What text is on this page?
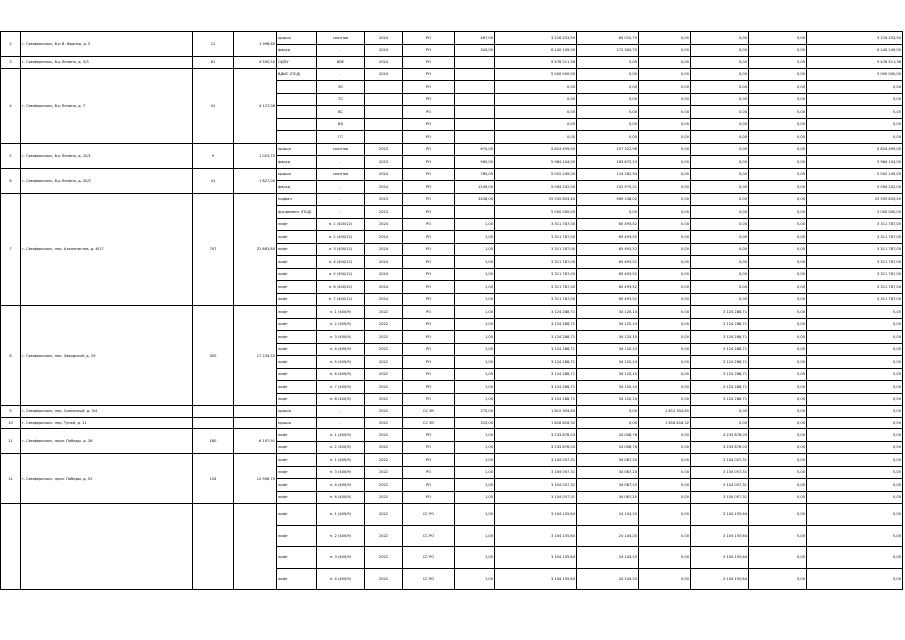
2	г. Симферополь, б-р И. Франко, д. 5	12	1 998,60	крыша	скатная	2024	РО	467,00	3 216 253,50	64 010,75	0,00	0,00	0,00	3 216 253,50
				фасад	-	2024	РО	343,00	6 140 149,00	172 300,75	0,00	0,00	0,00	6 140 149,00
3	г. Симферополь, б-р Ленина, д. 5/3	61	4 500,50	ОДПУ	ВВЕ	2024	РО		9 476 511,36	0,00	0,00	0,00	0,00	9 476 511,36
4	г. Симферополь, б-р Ленина, д. 7	41	4 127,06	ВДИС (ПСД)	-	2024	РО		5 000 000,00	0,00	0,00	0,00	0,00	5 000 000,00
					ЭС		РО		0,00	0,00	0,00	0,00	0,00	0,00
					ТС		РО		0,00	0,00	0,00	0,00	0,00	0,00
					ВС		РО		0,00	0,00	0,00	0,00	0,00	0,00
					ВХ		РО		0,00	0,00	0,00	0,00	0,00	0,00
					ГС		РО		0,00	0,00	0,00	0,00	0,00	0,00
5	г. Симферополь, б-р Ленина, д. 20/1	9	1 023,70	крыша	скатная	2023	РО	670,00	5 824 499,00	107 322,96	0,00	0,00	0,00	5 824 499,00
				фасад	-	2023	РО	965,00	5 984 104,00	163 672,15	0,00	0,00	0,00	5 984 104,00
6	г. Симферополь, б-р Ленина, д. 20/2	41	1 827,00	крыша	скатная	2024	РО	780,00	5 002 249,00	124 182,94	0,00	0,00	0,00	5 002 249,00
				фасад	-	2024	РО	1249,00	5 094 202,00	152 975,21	0,00	0,00	0,00	5 094 202,00
7	г. Симферополь, пер. Альпинистов, д. 6/17	707	22 683,60	подвал	-	2023	РО	2436,00	25 555 853,40	569 136,02	0,00	0,00	0,00	25 555 853,40
				фундамент (ПСД)	-	2023	РО		5 000 000,00	0,00	0,00	0,00	0,00	5 000 000,00
				лифт	п. 1 (400/12)	2024	РО	1,00	3 311 787,00	65 493,52	0,00	0,00	0,00	3 311 787,00
				лифт	п. 2 (400/12)	2024	РО	1,00	3 311 787,00	65 493,52	0,00	0,00	0,00	3 311 787,00
				лифт	п. 3 (400/12)	2024	РО	1,00	3 311 787,00	65 493,52	0,00	0,00	0,00	3 311 787,00
				лифт	п. 4 (400/12)	2024	РО	1,00	3 311 787,00	65 493,52	0,00	0,00	0,00	3 311 787,00
				лифт	п. 5 (400/12)	2024	РО	1,00	3 311 787,00	65 493,52	0,00	0,00	0,00	3 311 787,00
				лифт	п. 6 (400/12)	2024	РО	1,00	3 311 787,00	65 493,52	0,00	0,00	0,00	3 311 787,00
				лифт	п. 7 (400/12)	2024	РО	1,00	3 311 787,00	65 493,52	0,00	0,00	0,00	3 311 787,00
8	г. Симферополь, пер. Заводской, д. 29	320	17 234,50	лифт	п. 1 (400/9)	2022	РО	1,00	3 124 288,71	34 120,10	0,00	3 124 288,71	0,00	0,00
				лифт	п. 2 (400/9)	2022	РО	1,00	3 124 288,71	34 120,10	0,00	3 124 288,71	0,00	0,00
				лифт	п. 3 (400/9)	2022	РО	1,00	3 124 288,71	34 120,10	0,00	3 124 288,71	0,00	0,00
				лифт	п. 4 (400/9)	2022	РО	1,00	3 124 288,71	34 120,10	0,00	3 124 288,71	0,00	0,00
				лифт	п. 5 (400/9)	2022	РО	1,00	3 124 288,71	34 120,10	0,00	3 124 288,71	0,00	0,00
				лифт	п. 6 (400/9)	2022	РО	1,00	3 124 288,71	34 120,10	0,00	3 124 288,71	0,00	0,00
				лифт	п. 7 (400/9)	2022	РО	1,00	3 124 288,71	34 120,10	0,00	3 124 288,71	0,00	0,00
				лифт	п. 8 (400/9)	2022	РО	1,00	3 124 288,71	34 120,10	0,00	3 124 288,71	0,00	0,00
9	г. Симферополь, пер. Совхозный, д. 3/4			крыша	-	2022	СС УК	275,00	1 612 354,85	0,00	1 612 354,85	0,00	0,00	0,00
10	г. Симферополь, пер. Тупой, д. 11			крыша	-	2022	СС УК	323,00	1 616 816,32	0,00	1 616 816,32	0,00	0,00	0,00
11	г. Симферополь, проп. Победы, д. 36	180	6 107,91	лифт	п. 1 (400/9)	2022	РО	1,00	3 233 876,03	24 008,76	0,00	3 233 876,03	0,00	0,00
				лифт	п. 2 (400/9)	2022	РО	1,00	3 233 876,03	24 008,76	0,00	3 233 876,03	0,00	0,00
12	г. Симферополь, проп. Победы, д. 52	154	12 906,70	лифт	п. 1 (400/9)	2022	РО	1,00	3 104 057,31	34 087,20	0,00	3 104 057,31	0,00	0,00
				лифт	п. 3 (400/9)	2022	РО	1,00	3 104 057,31	34 087,20	0,00	3 104 057,31	0,00	0,00
				лифт	п. 4 (400/9)	2022	РО	1,00	3 104 057,31	34 087,20	0,00	3 104 057,31	0,00	0,00
				лифт	п. 6 (400/9)	2022	РО	1,00	3 104 057,31	34 087,20	0,00	3 104 057,31	0,00	0,00
				лифт	п. 1 (400/9)	2022	СС РО	1,00	3 104 155,64	24 104,20	0,00	3 104 155,64	0,00	0,00
				лифт	п. 2 (400/9)	2022	СС РО	1,00	3 104 155,64	24 104,20	0,00	3 104 155,64	0,00	0,00
				лифт	п. 3 (400/9)	2022	СС РО	1,00	3 104 155,64	24 104,20	0,00	3 104 155,64	0,00	0,00
				лифт	п. 4 (400/9)	2022	СС РО	1,00	3 104 155,64	24 104,20	0,00	3 104 155,64	0,00	0,00
